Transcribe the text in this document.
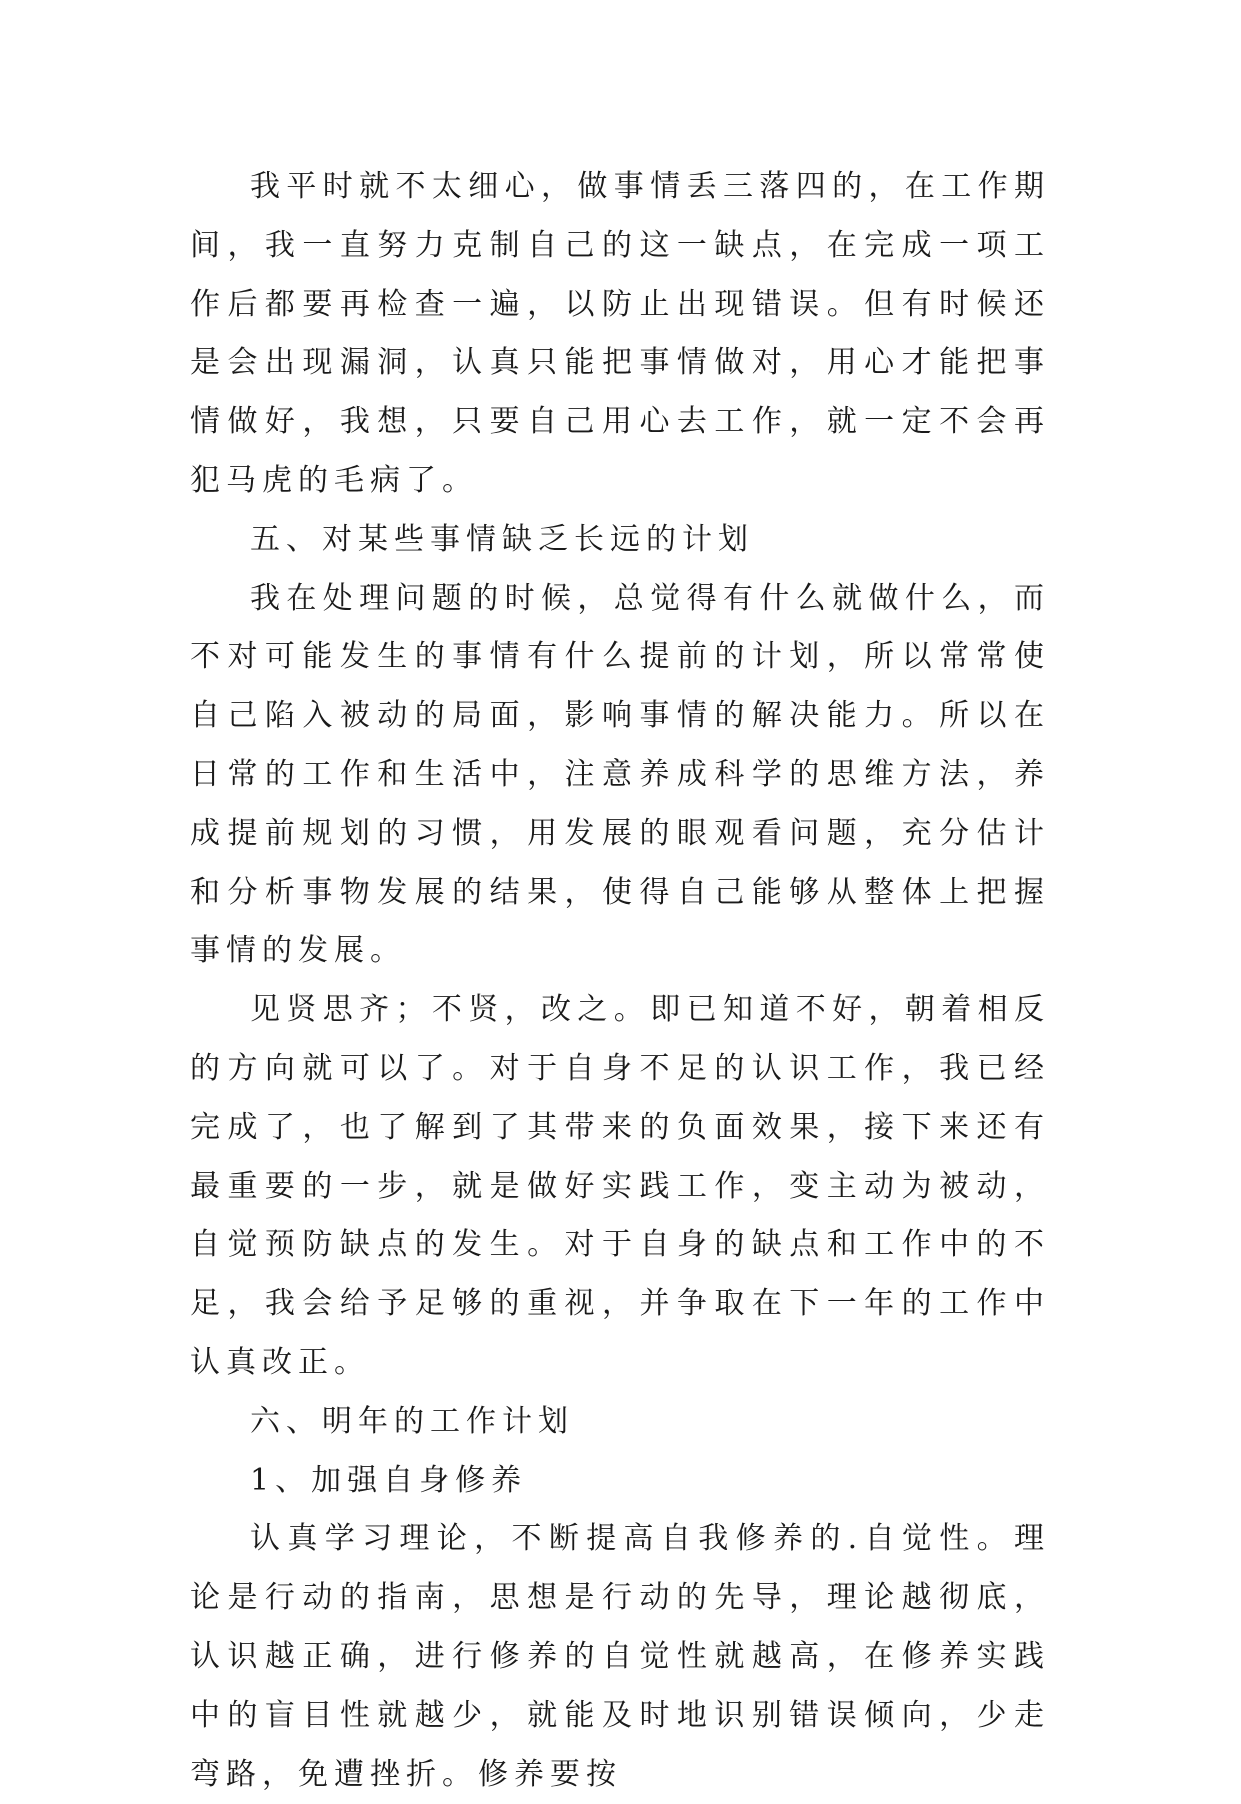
我平时就不太细心，做事情丢三落四的，在工作期间，我一直努力克制自己的这一缺点，在完成一项工作后都要再检查一遍，以防止出现错误。但有时候还是会出现漏洞，认真只能把事情做对，用心才能把事情做好，我想，只要自己用心去工作，就一定不会再犯马虎的毛病了。

五、对某些事情缺乏长远的计划

我在处理问题的时候，总觉得有什么就做什么，而不对可能发生的事情有什么提前的计划，所以常常使自己陷入被动的局面，影响事情的解决能力。所以在日常的工作和生活中，注意养成科学的思维方法，养成提前规划的习惯，用发展的眼观看问题，充分估计和分析事物发展的结果，使得自己能够从整体上把握事情的发展。

见贤思齐；不贤，改之。即已知道不好，朝着相反的方向就可以了。对于自身不足的认识工作，我已经完成了，也了解到了其带来的负面效果，接下来还有最重要的一步，就是做好实践工作，变主动为被动，自觉预防缺点的发生。对于自身的缺点和工作中的不足，我会给予足够的重视，并争取在下一年的工作中认真改正。

六、明年的工作计划

1、加强自身修养

认真学习理论，不断提高自我修养的.自觉性。理论是行动的指南，思想是行动的先导，理论越彻底，认识越正确，进行修养的自觉性就越高，在修养实践中的盲目性就越少，就能及时地识别错误倾向，少走弯路，免遭挫折。修养要按
